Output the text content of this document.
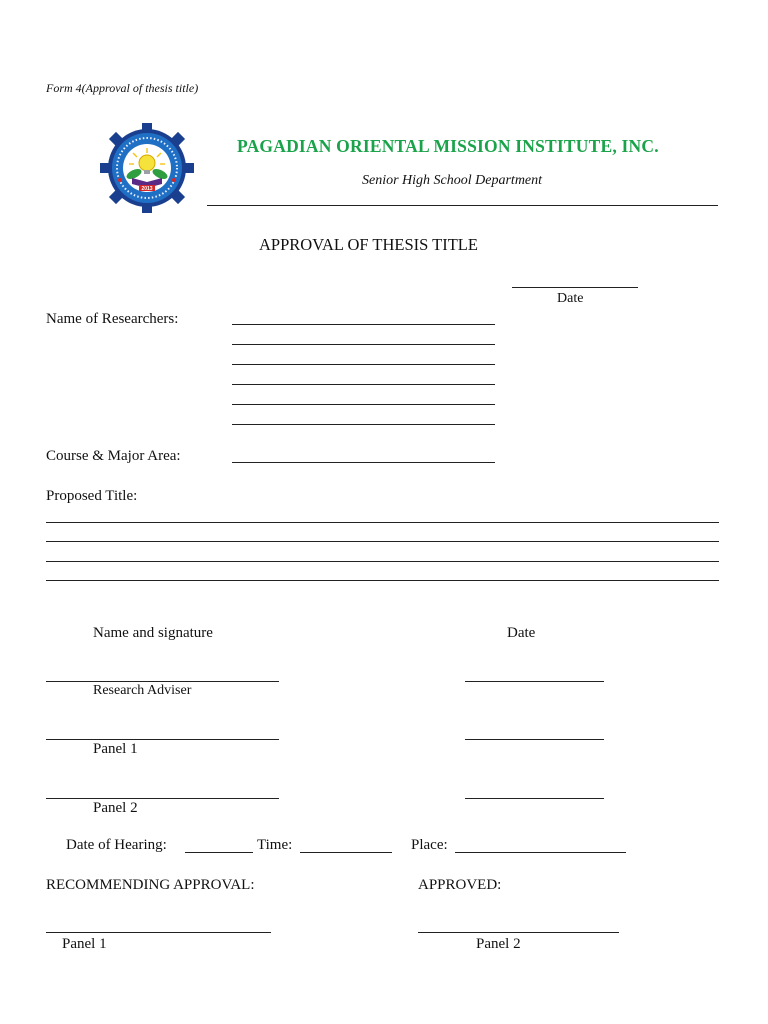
Form 4(Approval of thesis title)
2013
PAGADIAN ORIENTAL MISSION INSTITUTE, INC.
Senior High School Department
APPROVAL OF THESIS TITLE
Date
Name of Researchers:
Course & Major Area:
Proposed Title:
Name and signature	Date
Research Adviser
Panel 1
Panel 2
Date of Hearing:	Time:	Place:
RECOMMENDING APPROVAL:	APPROVED:
Panel 1	Panel 2
